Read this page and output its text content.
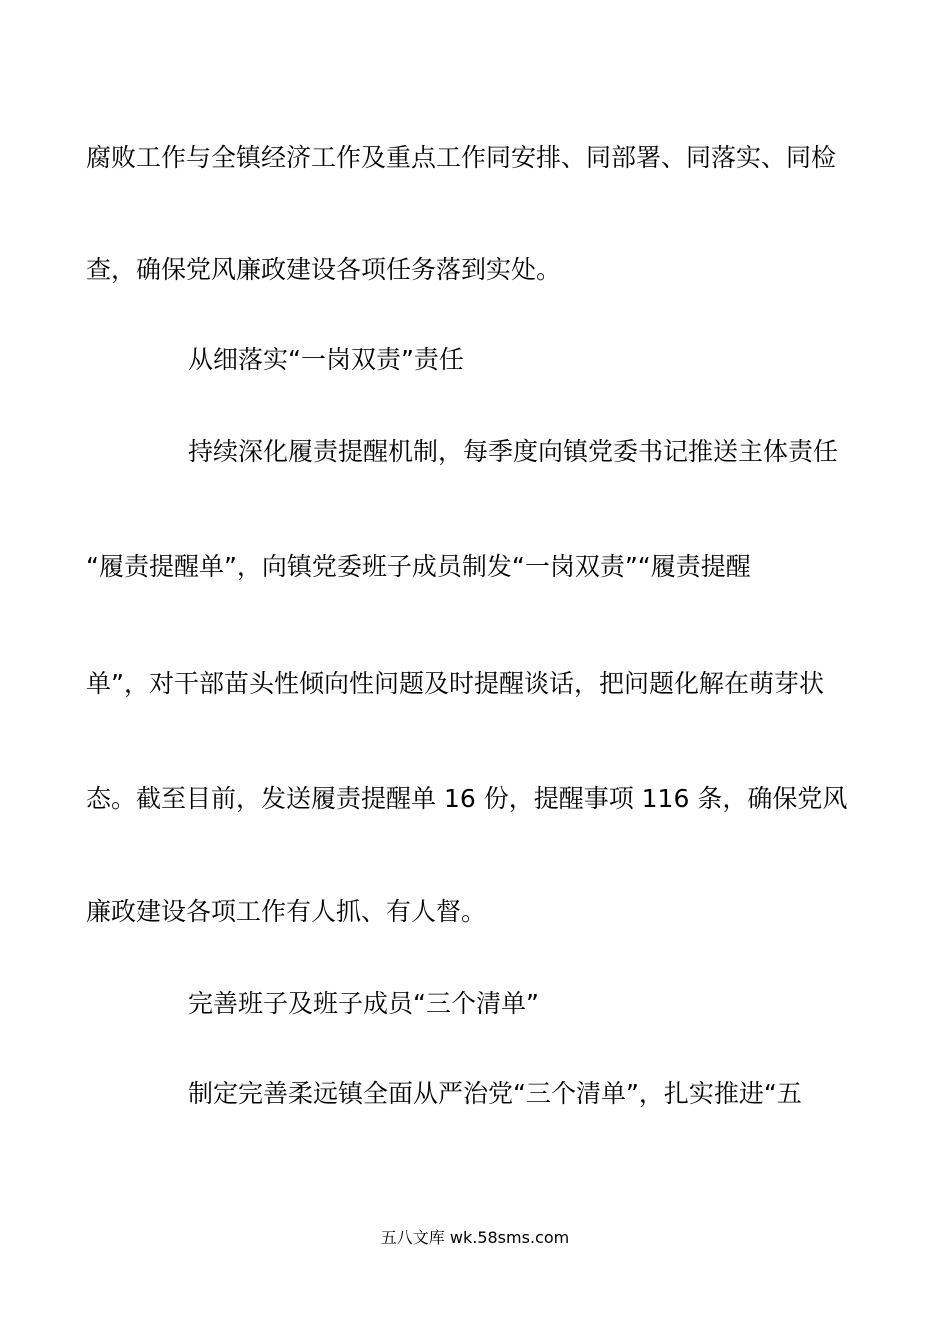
腐败工作与全镇经济工作及重点工作同安排、同部署、同落实、同检
查，确保党风廉政建设各项任务落到实处。
从细落实“一岗双责”责任
持续深化履责提醒机制，每季度向镇党委书记推送主体责任
“履责提醒单”，向镇党委班子成员制发“一岗双责”“履责提醒
单”，对干部苗头性倾向性问题及时提醒谈话，把问题化解在萌芽状
态。截至目前，发送履责提醒单 16 份，提醒事项 116 条，确保党风
廉政建设各项工作有人抓、有人督。
完善班子及班子成员“三个清单”
制定完善柔远镇全面从严治党“三个清单”，扎实推进“五
五八文库 wk.58sms.com
